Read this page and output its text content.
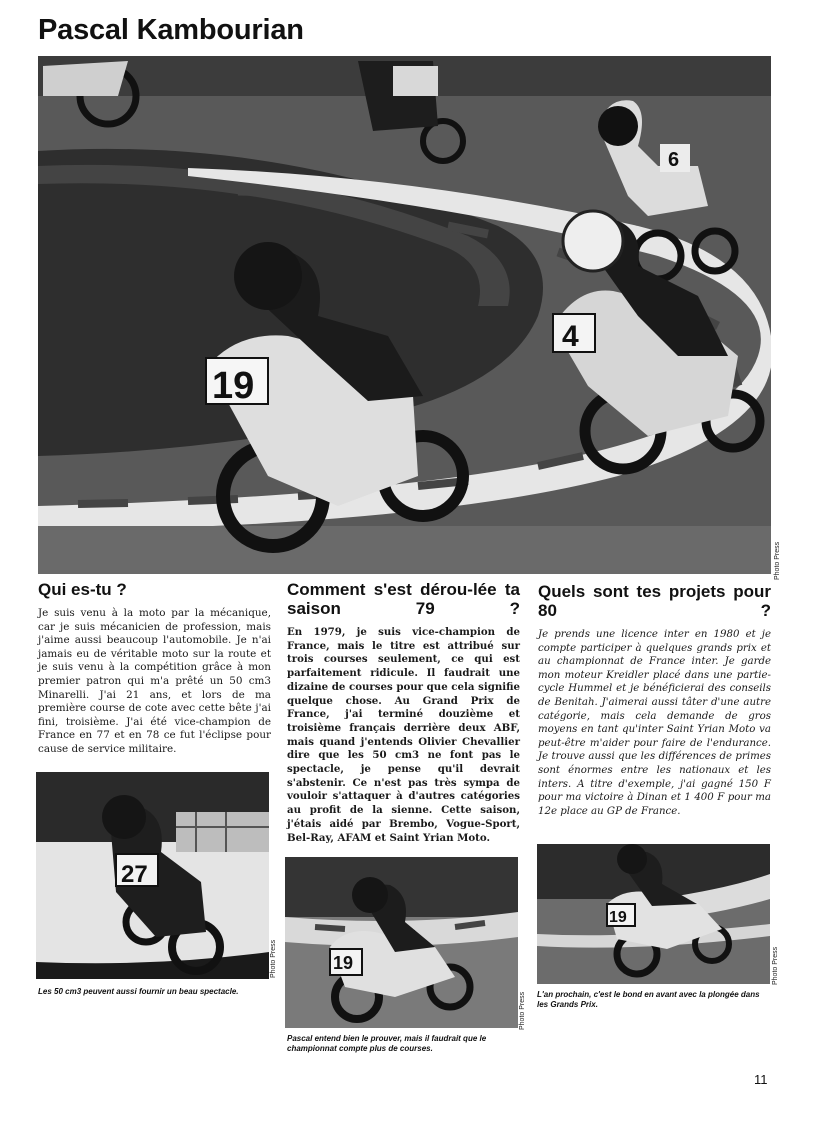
Pascal Kambourian
6
4
19
Photo Press
Qui es-tu ?

Je suis venu à la moto par la mécanique, car je suis mécanicien de profession, mais j'aime aussi beaucoup l'automobile. Je n'ai jamais eu de véritable moto sur la route et je suis venu à la compétition grâce à mon premier patron qui m'a prêté un 50 cm3 Minarelli. J'ai 21 ans, et lors de ma première course de cote avec cette bête j'ai fini, troisième. J'ai été vice-champion de France en 77 et en 78 ce fut l'éclipse pour cause de service militaire.

Comment s'est dérou-lée ta saison 79 ?

En 1979, je suis vice-champion de France, mais le titre est attribué sur trois courses seulement, ce qui est parfaitement ridicule. Il faudrait une dizaine de courses pour que cela signifie quelque chose. Au Grand Prix de France, j'ai terminé douzième et troisième français derrière deux ABF, mais quand j'entends Olivier Chevallier dire que les 50 cm3 ne font pas le spectacle, je pense qu'il devrait s'abstenir. Ce n'est pas très sympa de vouloir s'attaquer à d'autres catégories au profit de la sienne. Cette saison, j'étais aidé par Brembo, Vogue-Sport, Bel-Ray, AFAM et Saint Yrian Moto.

Quels sont tes projets pour 80 ?

Je prends une licence inter en 1980 et je compte participer à quelques grands prix et au championnat de France inter. Je garde mon moteur Kreidler placé dans une partie-cycle Hummel et je bénéficierai des conseils de Benitah. J'aimerai aussi tâter d'une autre catégorie, mais cela demande de gros moyens en tant qu'inter Saint Yrian Moto va peut-être m'aider pour faire de l'endurance. Je trouve aussi que les différences de primes sont énormes entre les nationaux et les inters. A titre d'exemple, j'ai gagné 150 F pour ma victoire à Dinan et 1 400 F pour ma 12e place au GP de France.

27
Photo Press
Les 50 cm3 peuvent aussi fournir un beau spectacle.
19
Photo Press
Pascal entend bien le prouver, mais il faudrait que le championnat compte plus de courses.
19
Photo Press
L'an prochain, c'est le bond en avant avec la plongée dans les Grands Prix.
11
